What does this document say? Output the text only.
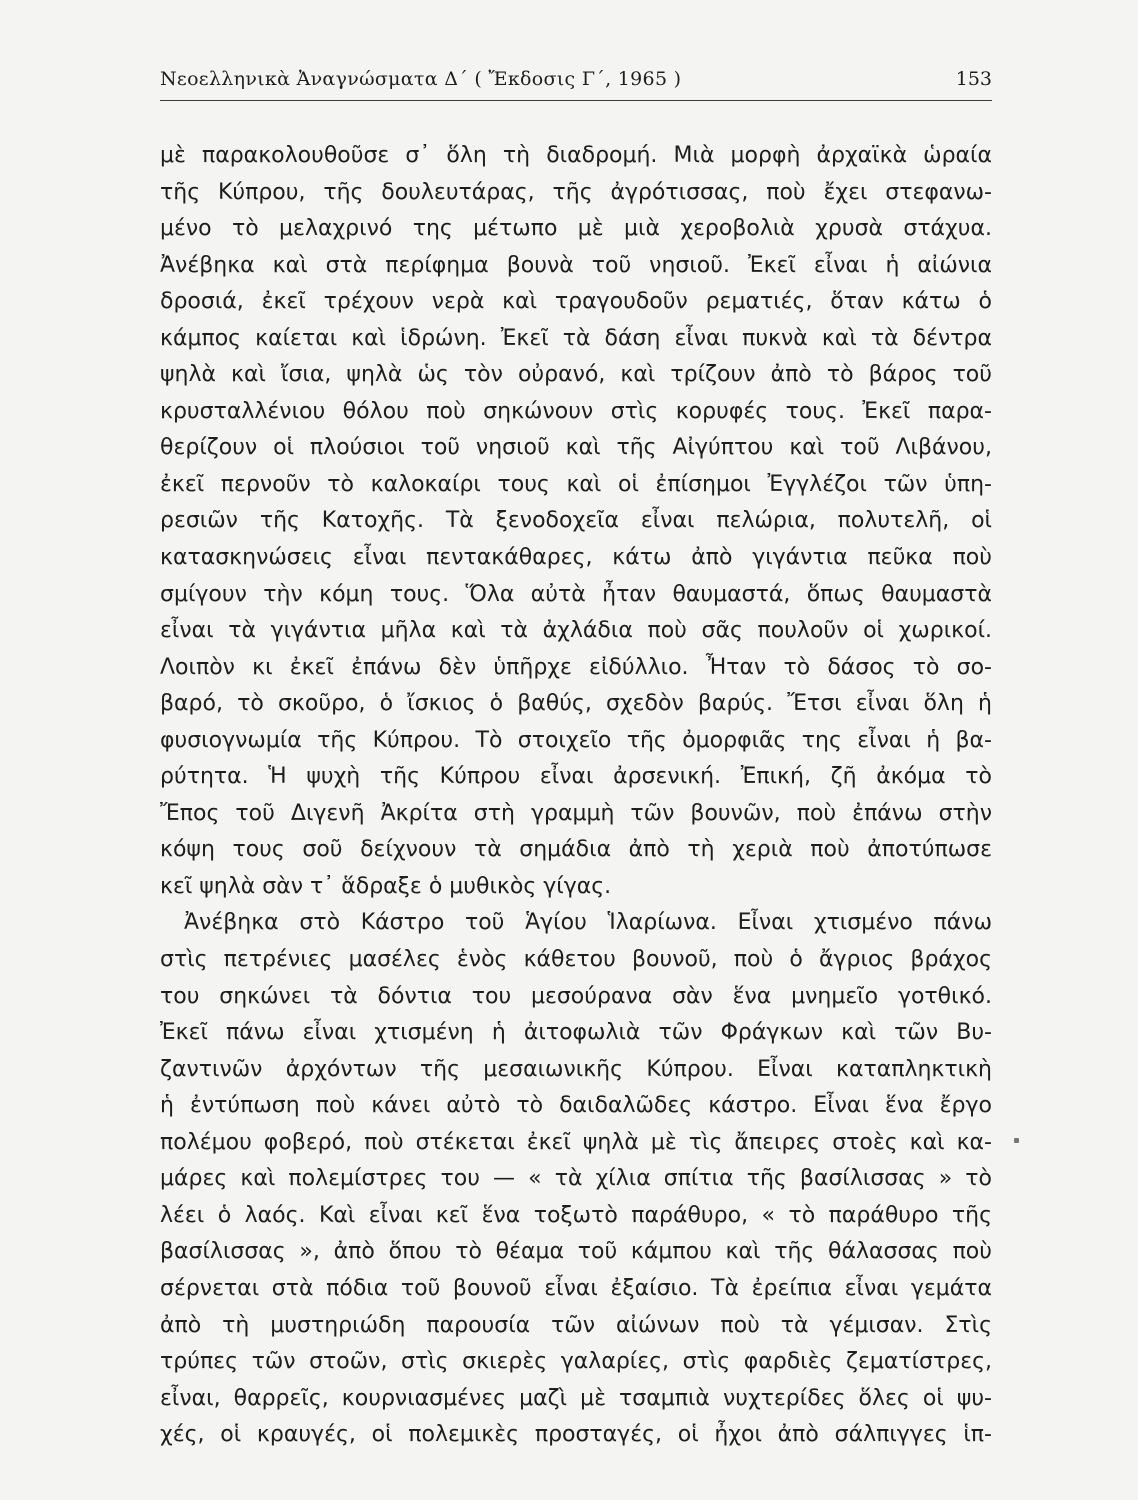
Νεοελληνικὰ Ἀναγνώσματα Δ΄ ( Ἔκδοσις Γ΄, 1965 )	153
μὲ παρακολουθοῦσε σ᾿ ὅλη τὴ διαδρομή. Μιὰ μορφὴ ἀρχαϊκὰ ὡραία
τῆς Κύπρου, τῆς δουλευτάρας, τῆς ἀγρότισσας, ποὺ ἔχει στεφανω-
μένο τὸ μελαχρινό της μέτωπο μὲ μιὰ χερoβολιὰ χρυσὰ στάχυα.
Ἀνέβηκα καὶ στὰ περίφημα βουνὰ τοῦ νησιοῦ. Ἐκεῖ εἶναι ἡ αἰώνια
δροσιά, ἐκεῖ τρέχουν νερὰ καὶ τραγουδοῦν ρεματιές, ὅταν κάτω ὁ
κάμπος καίεται καὶ ἱδρώνη. Ἐκεῖ τὰ δάση εἶναι πυκνὰ καὶ τὰ δέντρα
ψηλὰ καὶ ἴσια, ψηλὰ ὡς τὸν οὐρανό, καὶ τρίζουν ἀπὸ τὸ βάρος τοῦ
κρυσταλλένιου θόλου ποὺ σηκώνουν στὶς κορυφές τους. Ἐκεῖ παρα-
θερίζουν οἱ πλούσιοι τοῦ νησιοῦ καὶ τῆς Αἰγύπτου καὶ τοῦ Λιβάνου,
ἐκεῖ περνοῦν τὸ καλοκαίρι τους καὶ οἱ ἐπίσημοι Ἐγγλέζοι τῶν ὑπη-
ρεσιῶν τῆς Κατοχῆς. Τὰ ξενοδοχεῖα εἶναι πελώρια, πολυτελῆ, οἱ
κατασκηνώσεις εἶναι πεντακάθαρες, κάτω ἀπὸ γιγάντια πεῦκα ποὺ
σμίγουν τὴν κόμη τους. Ὅλα αὐτὰ ἦταν θαυμαστά, ὅπως θαυμαστὰ
εἶναι τὰ γιγάντια μῆλα καὶ τὰ ἀχλάδια ποὺ σᾶς πουλοῦν οἱ χωρικοί.
Λοιπὸν κι ἐκεῖ ἐπάνω δὲν ὑπῆρχε εἰδύλλιο. Ἦταν τὸ δάσος τὸ σο-
βαρό, τὸ σκοῦρο, ὁ ἴσκιος ὁ βαθύς, σχεδὸν βαρύς. Ἔτσι εἶναι ὅλη ἡ
φυσιογνωμία τῆς Κύπρου. Τὸ στοιχεῖο τῆς ὀμορφιᾶς της εἶναι ἡ βα-
ρύτητα. Ἡ ψυχὴ τῆς Κύπρου εἶναι ἀρσενική. Ἐπική, ζῆ ἀκόμα τὸ
Ἔπος τοῦ Διγενῆ Ἀκρίτα στὴ γραμμὴ τῶν βουνῶν, ποὺ ἐπάνω στὴν
κόψη τους σοῦ δείχνουν τὰ σημάδια ἀπὸ τὴ χεριὰ ποὺ ἀποτύπωσε
κεῖ ψηλὰ σὰν τ᾿ ἅδραξε ὁ μυθικὸς γίγας.
Ἀνέβηκα στὸ Κάστρο τοῦ Ἁγίου Ἱλαρίωνα. Εἶναι χτισμένο πάνω
στὶς πετρένιες μασέλες ἑνὸς κάθετου βουνοῦ, ποὺ ὁ ἄγριος βράχος
του σηκώνει τὰ δόντια του μεσούρανα σὰν ἕνα μνημεῖο γοτθικό.
Ἐκεῖ πάνω εἶναι χτισμένη ἡ ἀιτοφωλιὰ τῶν Φράγκων καὶ τῶν Βυ-
ζαντινῶν ἀρχόντων τῆς μεσαιωνικῆς Κύπρου. Εἶναι καταπληκτικὴ
ἡ ἐντύπωση ποὺ κάνει αὐτὸ τὸ δαιδαλῶδες κάστρο. Εἶναι ἕνα ἔργο
πολέμου φοβερό, ποὺ στέκεται ἐκεῖ ψηλὰ μὲ τὶς ἄπειρες στοὲς καὶ κα-
μάρες καὶ πολεμίστρες του — « τὰ χίλια σπίτια τῆς βασίλισσας » τὸ
λέει ὁ λαός. Καὶ εἶναι κεῖ ἕνα τοξωτὸ παράθυρο, « τὸ παράθυρο τῆς
βασίλισσας », ἀπὸ ὅπου τὸ θέαμα τοῦ κάμπου καὶ τῆς θάλασσας ποὺ
σέρνεται στὰ πόδια τοῦ βουνοῦ εἶναι ἐξαίσιο. Τὰ ἐρείπια εἶναι γεμάτα
ἀπὸ τὴ μυστηριώδη παρουσία τῶν αἰώνων ποὺ τὰ γέμισαν. Στὶς
τρύπες τῶν στοῶν, στὶς σκιερὲς γαλαρίες, στὶς φαρδιὲς ζεματίστρες,
εἶναι, θαρρεῖς, κουρνιασμένες μαζὶ μὲ τσαμπιὰ νυχτερίδες ὅλες οἱ ψυ-
χές, οἱ κραυγές, οἱ πολεμικὲς προσταγές, οἱ ἦχοι ἀπὸ σάλπιγγες ἱπ-
